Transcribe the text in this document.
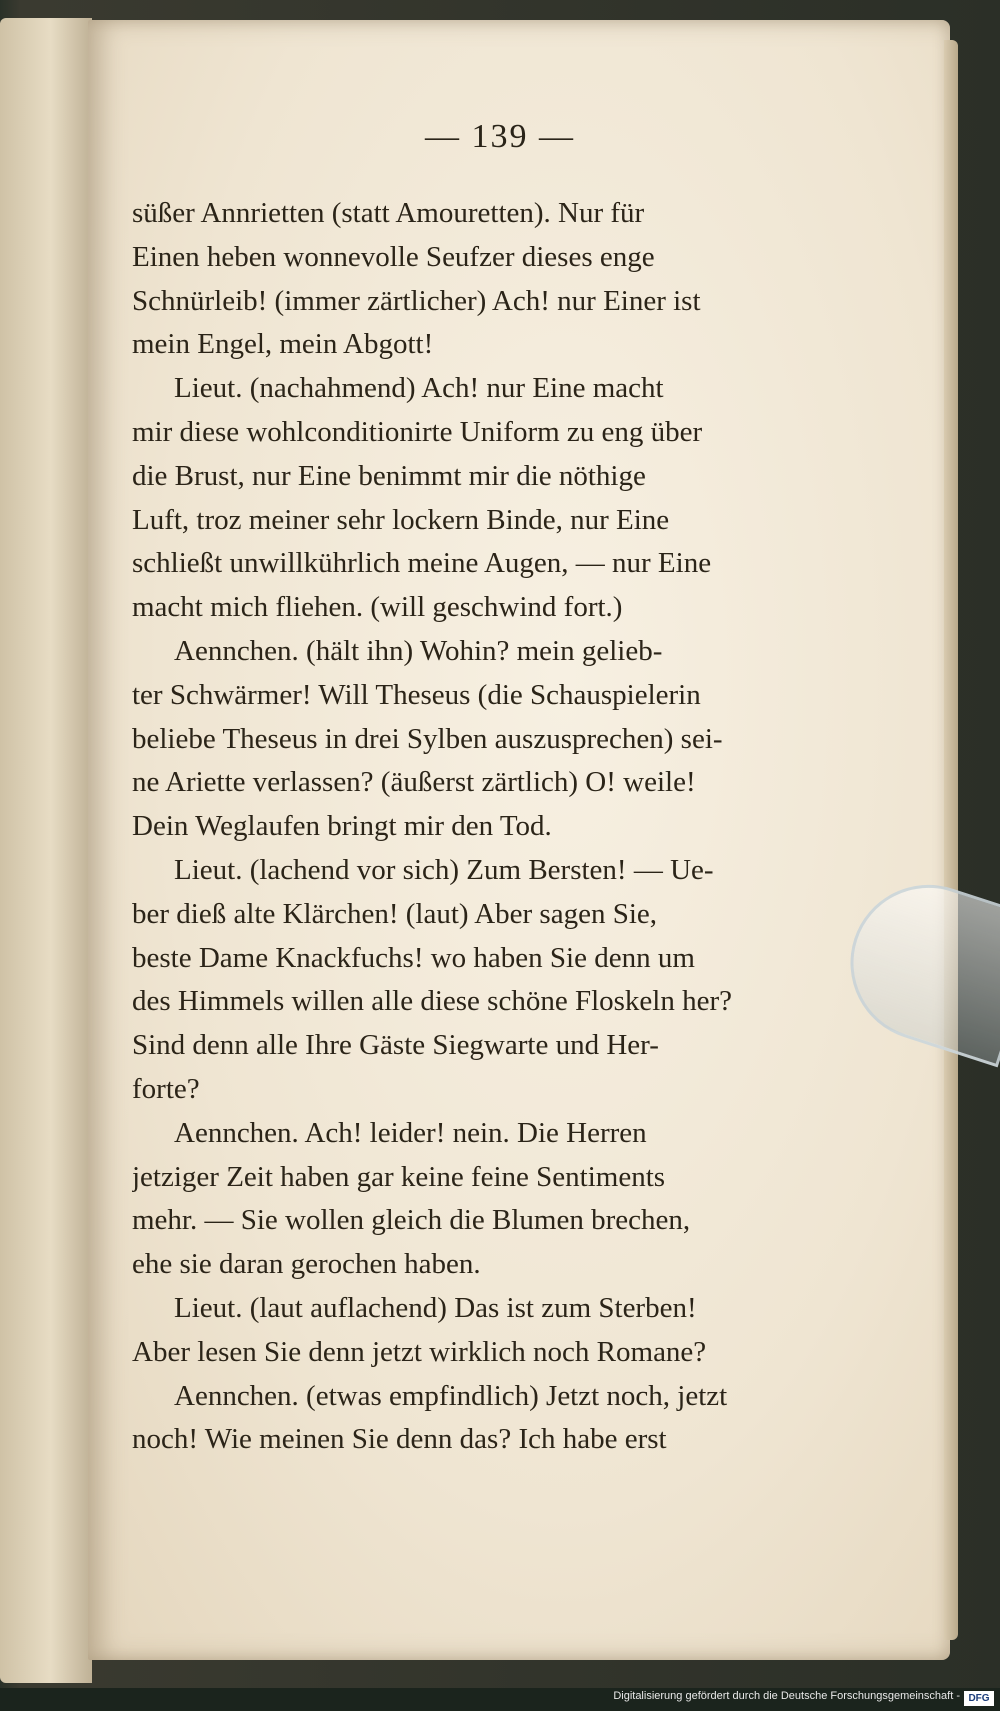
— 139 —
süßer Annrietten (statt Amouretten). Nur für
Einen heben wonnevolle Seufzer dieses enge
Schnürleib! (immer zärtlicher) Ach! nur Einer ist
mein Engel, mein Abgott!
Lieut. (nachahmend) Ach! nur Eine macht
mir diese wohlconditionirte Uniform zu eng über
die Brust, nur Eine benimmt mir die nöthige
Luft, troz meiner sehr lockern Binde, nur Eine
schließt unwillkührlich meine Augen, — nur Eine
macht mich fliehen. (will geschwind fort.)
Aennchen. (hält ihn) Wohin? mein gelieb-
ter Schwärmer! Will Theseus (die Schauspielerin
beliebe Theseus in drei Sylben auszusprechen) sei-
ne Ariette verlassen? (äußerst zärtlich) O! weile!
Dein Weglaufen bringt mir den Tod.
Lieut. (lachend vor sich) Zum Bersten! — Ue-
ber dieß alte Klärchen! (laut) Aber sagen Sie,
beste Dame Knackfuchs! wo haben Sie denn um
des Himmels willen alle diese schöne Floskeln her?
Sind denn alle Ihre Gäste Siegwarte und Her-
forte?
Aennchen. Ach! leider! nein. Die Herren
jetziger Zeit haben gar keine feine Sentiments
mehr. — Sie wollen gleich die Blumen brechen,
ehe sie daran gerochen haben.
Lieut. (laut auflachend) Das ist zum Sterben!
Aber lesen Sie denn jetzt wirklich noch Romane?
Aennchen. (etwas empfindlich) Jetzt noch, jetzt
noch! Wie meinen Sie denn das? Ich habe erst
Digitalisierung gefördert durch die Deutsche Forschungsgemeinschaft - DFG
